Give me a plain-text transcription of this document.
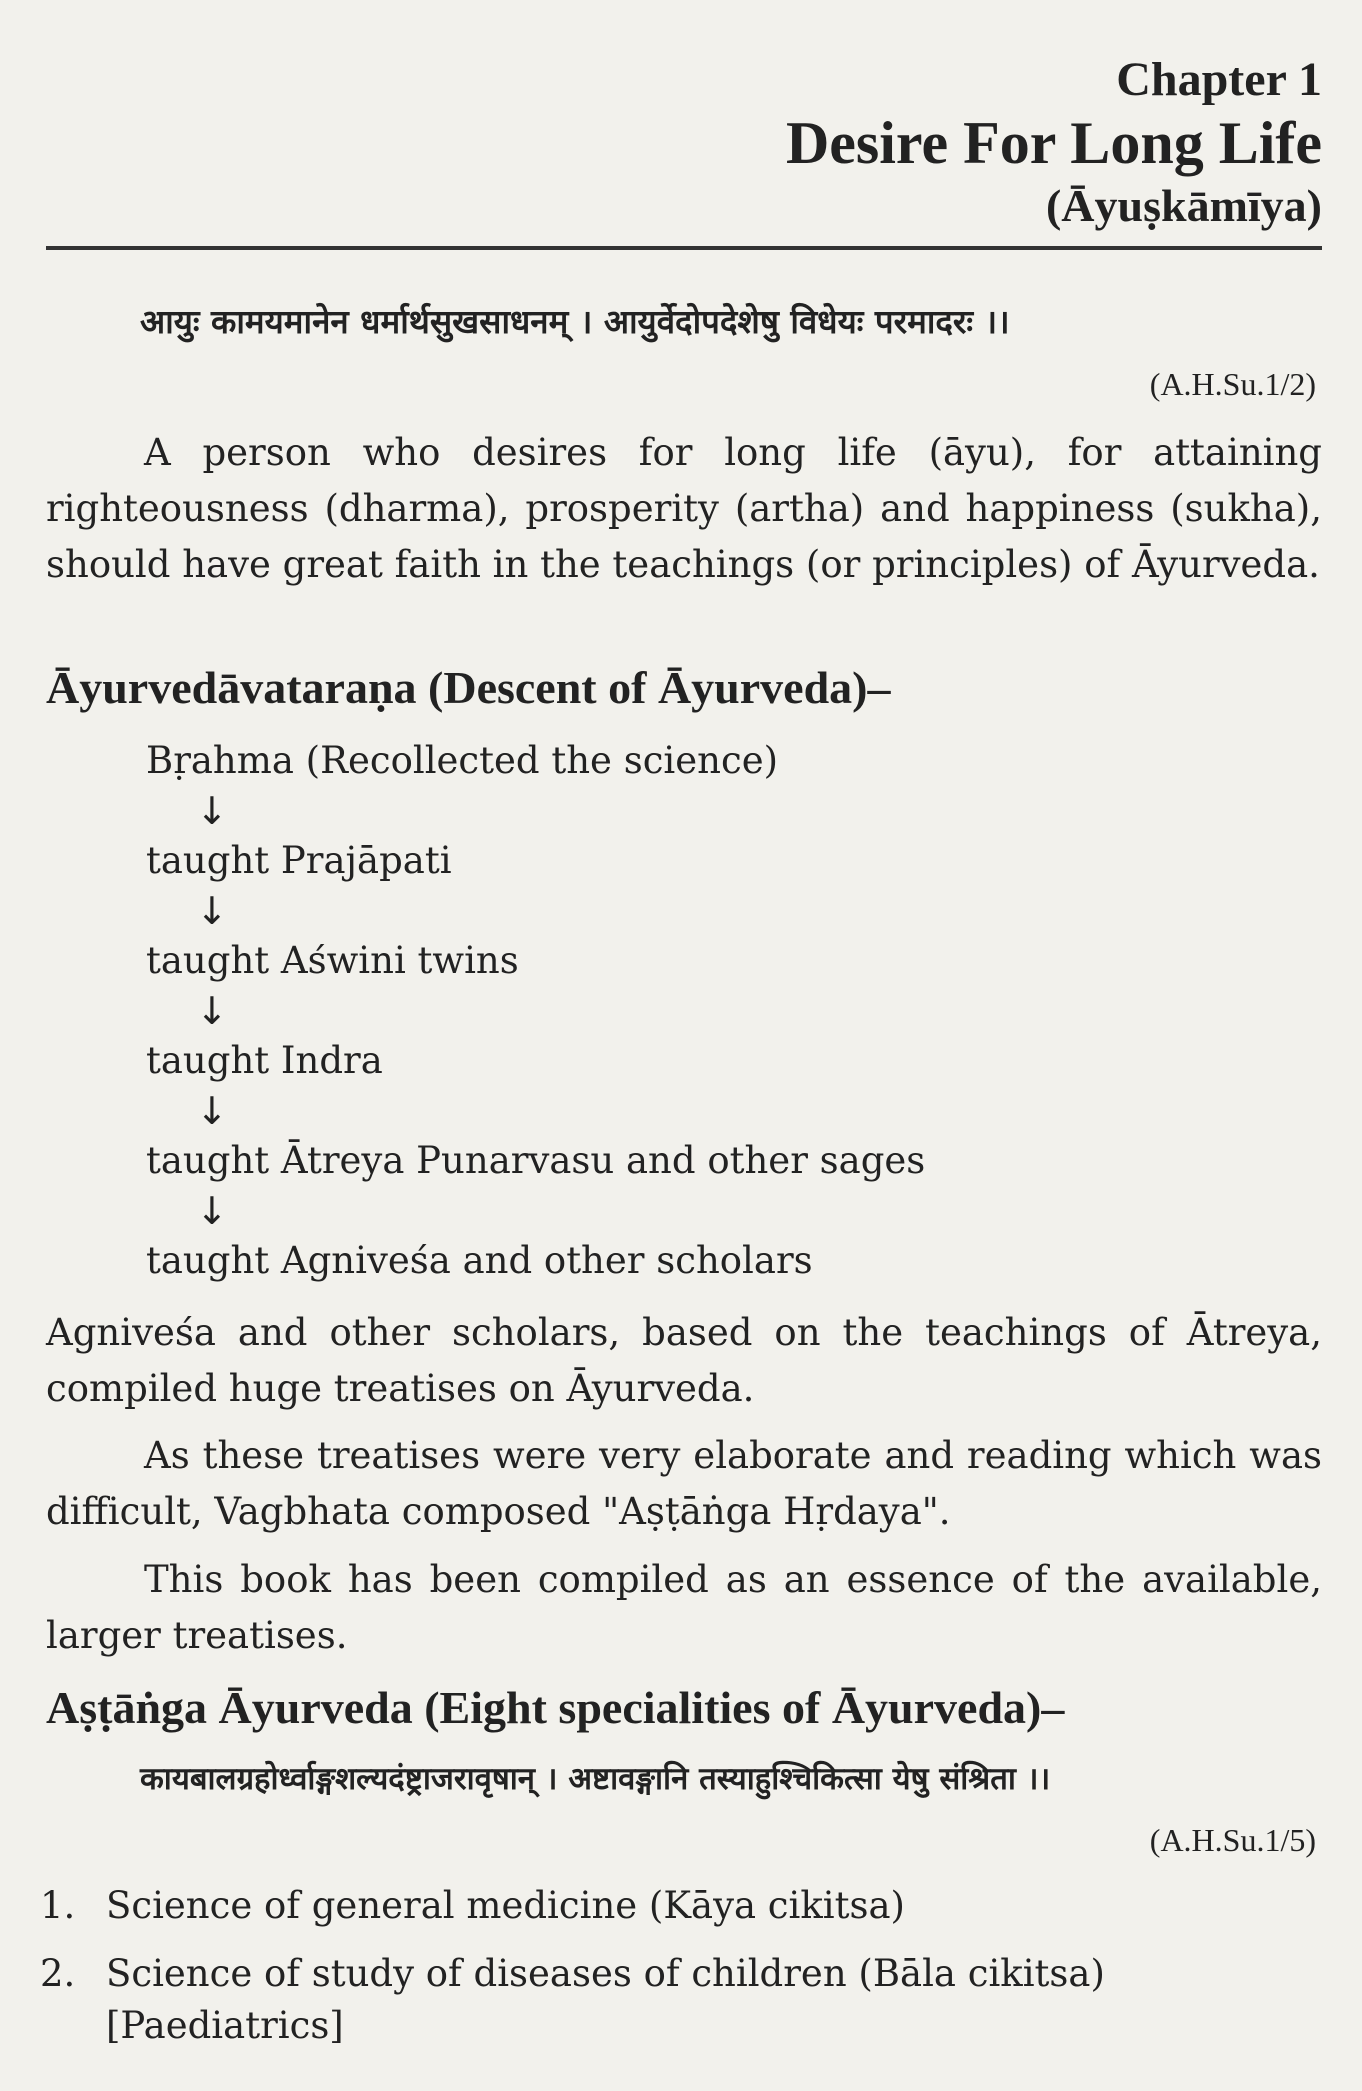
Chapter 1
Desire For Long Life
(Āyuṣkāmīya)
आयुः कामयमानेन धर्मार्थसुखसाधनम् । आयुर्वेदोपदेशेषु विधेयः परमादरः ।।
(A.H.Su.1/2)

A person who desires for long life (āyu), for attaining righteousness (dharma), prosperity (artha) and happiness (sukha), should have great faith in the teachings (or principles) of Āyurveda.

Āyurvedāvataraṇa (Descent of Āyurveda)–
Bṛahma (Recollected the science)
↓
taught Prajāpati
↓
taught Aświni twins
↓
taught Indra
↓
taught Ātreya Punarvasu and other sages
↓
taught Agniveśa and other scholars

Agniveśa and other scholars, based on the teachings of Ātreya, compiled huge treatises on Āyurveda.

As these treatises were very elaborate and reading which was difficult, Vagbhata composed "Aṣṭāṅga Hṛdaya".

This book has been compiled as an essence of the available, larger treatises.

Aṣṭāṅga Āyurveda (Eight specialities of Āyurveda)–
कायबालग्रहोर्ध्वाङ्गशल्यदंष्ट्राजरावृषान् । अष्टावङ्गानि तस्याहुश्चिकित्सा येषु संश्रिता ।।
(A.H.Su.1/5)
1. Science of general medicine (Kāya cikitsa)
2. Science of study of diseases of children (Bāla cikitsa) [Paediatrics]
